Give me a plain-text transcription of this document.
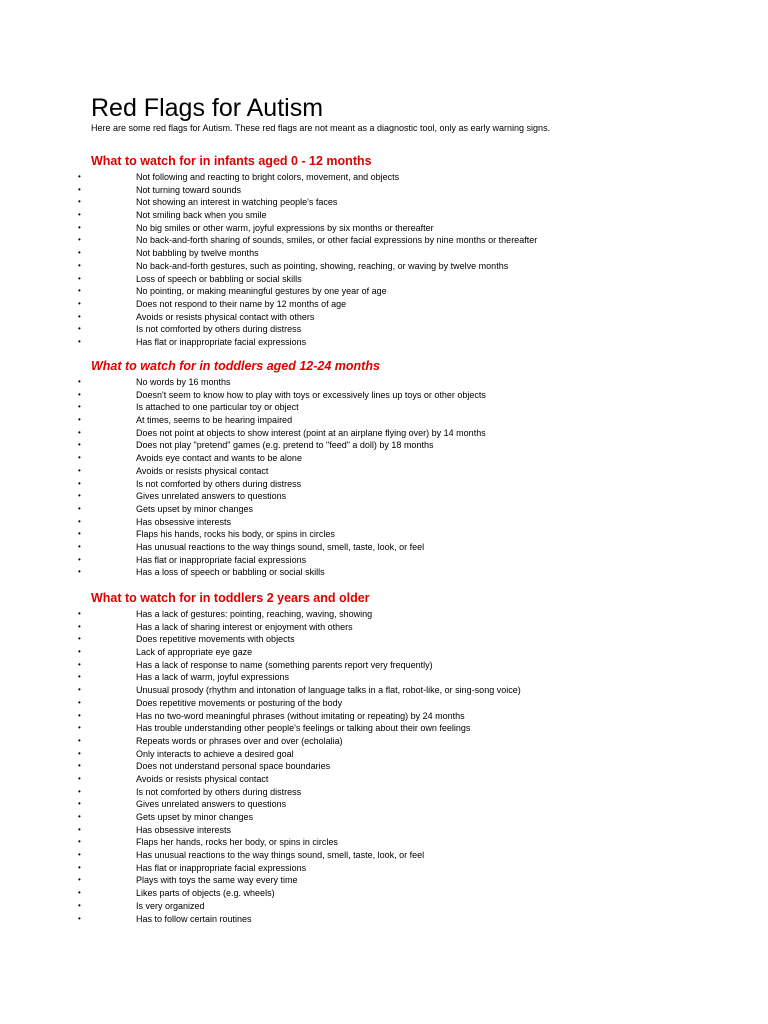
Red Flags for Autism

Here are some red flags for Autism. These red flags are not meant as a diagnostic tool, only as early warning signs.

What to watch for in infants aged 0 - 12 months
•	Not following and reacting to bright colors, movement, and objects
•	Not turning toward sounds
•	Not showing an interest in watching people's faces
•	Not smiling back when you smile
•	No big smiles or other warm, joyful expressions by six months or thereafter
•	No back-and-forth sharing of sounds, smiles, or other facial expressions by nine months or thereafter
•	Not babbling by twelve months
•	No back-and-forth gestures, such as pointing, showing, reaching, or waving by twelve months
•	Loss of speech or babbling or social skills
•	No pointing, or making meaningful gestures by one year of age
•	Does not respond to their name by 12 months of age
•	Avoids or resists physical contact with others
•	Is not comforted by others during distress
•	Has flat or inappropriate facial expressions
What to watch for in toddlers aged 12-24 months
•	No words by 16 months
•	Doesn't seem to know how to play with toys or excessively lines up toys or other objects
•	Is attached to one particular toy or object
•	At times, seems to be hearing impaired
•	Does not point at objects to show interest (point at an airplane flying over) by 14 months
•	Does not play "pretend" games (e.g. pretend to "feed" a doll) by 18 months
•	Avoids eye contact and wants to be alone
•	Avoids or resists physical contact
•	Is not comforted by others during distress
•	Gives unrelated answers to questions
•	Gets upset by minor changes
•	Has obsessive interests
•	Flaps his hands, rocks his body, or spins in circles
•	Has unusual reactions to the way things sound, smell, taste, look, or feel
•	Has flat or inappropriate facial expressions
•	Has a loss of speech or babbling or social skills
What to watch for in toddlers 2 years and older
•	Has a lack of gestures: pointing, reaching, waving, showing
•	Has a lack of sharing interest or enjoyment with others
•	Does repetitive movements with objects
•	Lack of appropriate eye gaze
•	Has a lack of response to name (something parents report very frequently)
•	Has a lack of warm, joyful expressions
•	Unusual prosody (rhythm and intonation of language talks in a flat, robot-like, or sing-song voice)
•	Does repetitive movements or posturing of the body
•	Has no two-word meaningful phrases (without imitating or repeating) by 24 months
•	Has trouble understanding other people's feelings or talking about their own feelings
•	Repeats words or phrases over and over (echolalia)
•	Only interacts to achieve a desired goal
•	Does not understand personal space boundaries
•	Avoids or resists physical contact
•	Is not comforted by others during distress
•	Gives unrelated answers to questions
•	Gets upset by minor changes
•	Has obsessive interests
•	Flaps her hands, rocks her body, or spins in circles
•	Has unusual reactions to the way things sound, smell, taste, look, or feel
•	Has flat or inappropriate facial expressions
•	Plays with toys the same way every time
•	Likes parts of objects (e.g. wheels)
•	Is very organized
•	Has to follow certain routines
